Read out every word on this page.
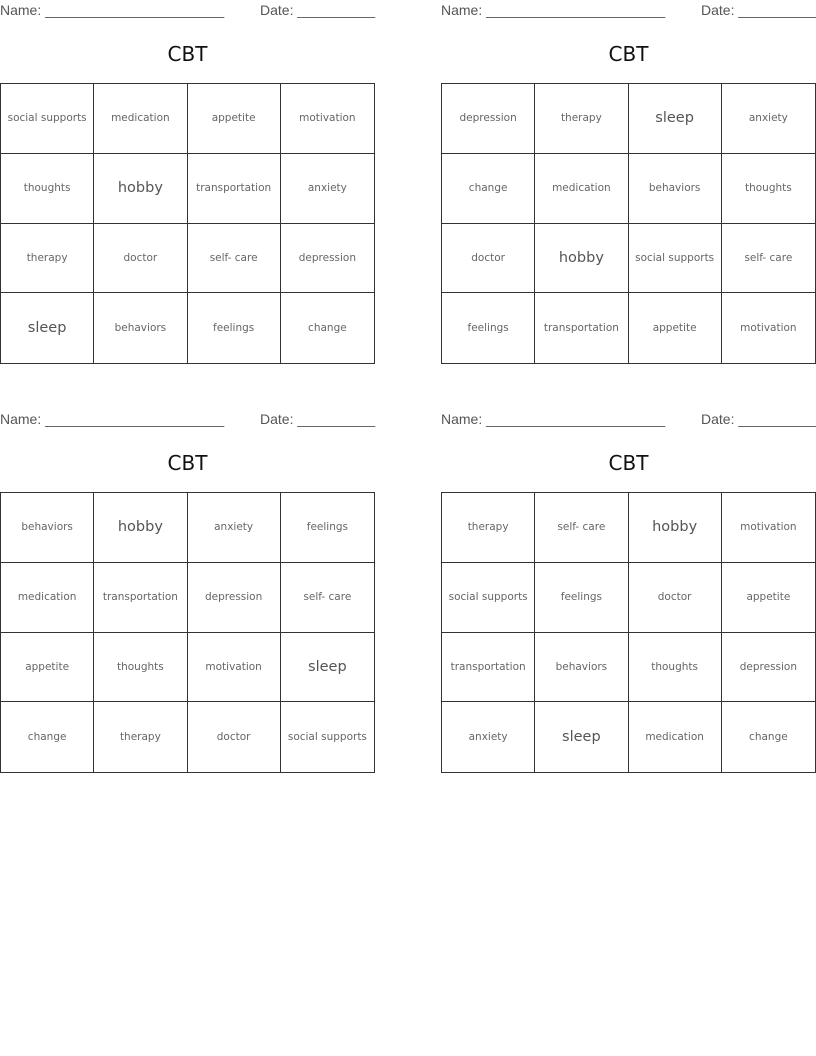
Name: _______________________	Date: __________
CBT
social supports	medication	appetite	motivation
thoughts	hobby	transportation	anxiety
therapy	doctor	self- care	depression
sleep	behaviors	feelings	change
Name: _______________________	Date: __________
CBT
depression	therapy	sleep	anxiety
change	medication	behaviors	thoughts
doctor	hobby	social supports	self- care
feelings	transportation	appetite	motivation
Name: _______________________	Date: __________
CBT
behaviors	hobby	anxiety	feelings
medication	transportation	depression	self- care
appetite	thoughts	motivation	sleep
change	therapy	doctor	social supports
Name: _______________________	Date: __________
CBT
therapy	self- care	hobby	motivation
social supports	feelings	doctor	appetite
transportation	behaviors	thoughts	depression
anxiety	sleep	medication	change
